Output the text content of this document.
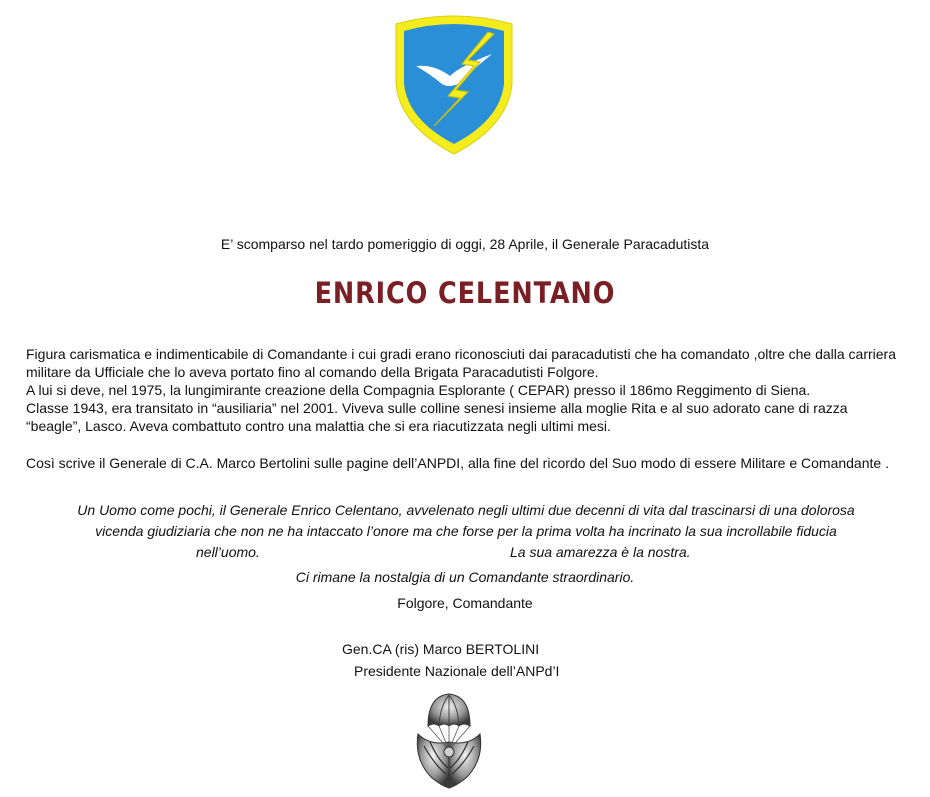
E’ scomparso nel tardo pomeriggio di oggi, 28 Aprile, il Generale Paracadutista
ENRICO CELENTANO
Figura carismatica e indimenticabile di Comandante i cui gradi erano riconosciuti dai paracadutisti che ha comandato ,oltre che dalla carriera militare da Ufficiale che lo aveva portato fino al comando della Brigata Paracadutisti Folgore.
A lui si deve, nel 1975, la lungimirante creazione della Compagnia Esplorante ( CEPAR) presso il 186mo Reggimento di Siena.
Classe 1943, era transitato in “ausiliaria” nel 2001. Viveva sulle colline senesi insieme alla moglie Rita e al suo adorato cane di razza “beagle”, Lasco. Aveva combattuto contro una malattia che si era riacutizzata negli ultimi mesi.
Così scrive il Generale di C.A. Marco Bertolini sulle pagine dell’ANPDI, alla fine del ricordo del Suo modo di essere Militare e Comandante .
Un Uomo come pochi, il Generale Enrico Celentano, avvelenato negli ultimi due decenni di vita dal trascinarsi di una dolorosa
vicenda giudiziaria che non ne ha intaccato l’onore ma che forse per la prima volta ha incrinato la sua incrollabile fiducia
nell’uomo.	La sua amarezza è la nostra.
Ci rimane la nostalgia di un Comandante straordinario.
Folgore, Comandante
Gen.CA (ris) Marco BERTOLINI
Presidente Nazionale dell’ANPd’I
